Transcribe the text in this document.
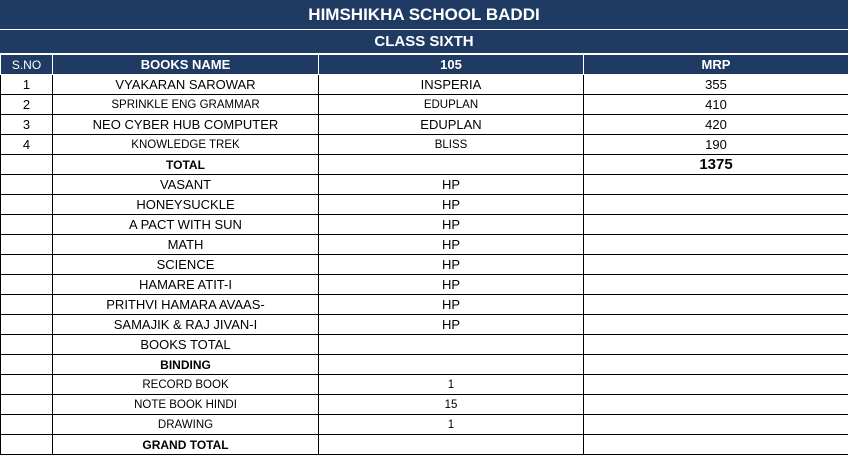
HIMSHIKHA SCHOOL BADDI
CLASS SIXTH
S.NO	BOOKS NAME	105	MRP
1	VYAKARAN SAROWAR	INSPERIA	355
2	SPRINKLE ENG GRAMMAR	EDUPLAN	410
3	NEO CYBER HUB COMPUTER	EDUPLAN	420
4	KNOWLEDGE TREK	BLISS	190
	TOTAL		1375
	VASANT	HP	
	HONEYSUCKLE	HP	
	A PACT WITH SUN	HP	
	MATH	HP	
	SCIENCE	HP	
	HAMARE ATIT-I	HP	
	PRITHVI HAMARA AVAAS-	HP	
	SAMAJIK & RAJ JIVAN-I	HP	
	BOOKS TOTAL		
	BINDING		
	RECORD BOOK	1	
	NOTE BOOK HINDI	15	
	DRAWING	1	
	GRAND TOTAL		
